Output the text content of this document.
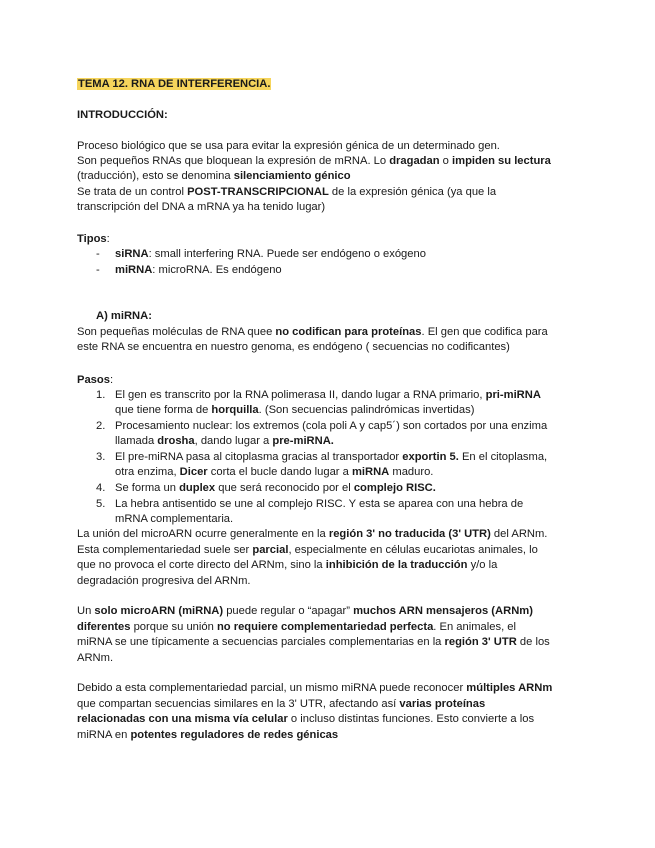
TEMA 12. RNA DE INTERFERENCIA.
INTRODUCCIÓN:
Proceso biológico que se usa para evitar la expresión génica de un determinado gen.
Son pequeños RNAs que bloquean la expresión de mRNA. Lo dragadan o impiden su lectura
(traducción), esto se denomina silenciamiento génico
Se trata de un control POST-TRANSCRIPCIONAL de la expresión génica (ya que la
transcripción del DNA a mRNA ya ha tenido lugar)
Tipos:
- siRNA: small interfering RNA. Puede ser endógeno o exógeno
- miRNA: microRNA. Es endógeno
A) miRNA:
Son pequeñas moléculas de RNA quee no codifican para proteínas. El gen que codifica para
este RNA se encuentra en nuestro genoma, es endógeno ( secuencias no codificantes)
Pasos:
1. El gen es transcrito por la RNA polimerasa II, dando lugar a RNA primario, pri-miRNA
que tiene forma de horquilla. (Son secuencias palindrómicas invertidas)
2. Procesamiento nuclear: los extremos (cola poli A y cap5´) son cortados por una enzima
llamada drosha, dando lugar a pre-miRNA.
3. El pre-miRNA pasa al citoplasma gracias al transportador exportin 5. En el citoplasma,
otra enzima, Dicer corta el bucle dando lugar a miRNA maduro.
4. Se forma un duplex que será reconocido por el complejo RISC.
5. La hebra antisentido se une al complejo RISC. Y esta se aparea con una hebra de
mRNA complementaria.
La unión del microARN ocurre generalmente en la región 3' no traducida (3' UTR) del ARNm.
Esta complementariedad suele ser parcial, especialmente en células eucariotas animales, lo
que no provoca el corte directo del ARNm, sino la inhibición de la traducción y/o la
degradación progresiva del ARNm.
Un solo microARN (miRNA) puede regular o “apagar” muchos ARN mensajeros (ARNm)
diferentes porque su unión no requiere complementariedad perfecta. En animales, el
miRNA se une típicamente a secuencias parciales complementarias en la región 3' UTR de los
ARNm.
Debido a esta complementariedad parcial, un mismo miRNA puede reconocer múltiples ARNm
que compartan secuencias similares en la 3' UTR, afectando así varias proteínas
relacionadas con una misma vía celular o incluso distintas funciones. Esto convierte a los
miRNA en potentes reguladores de redes génicas
